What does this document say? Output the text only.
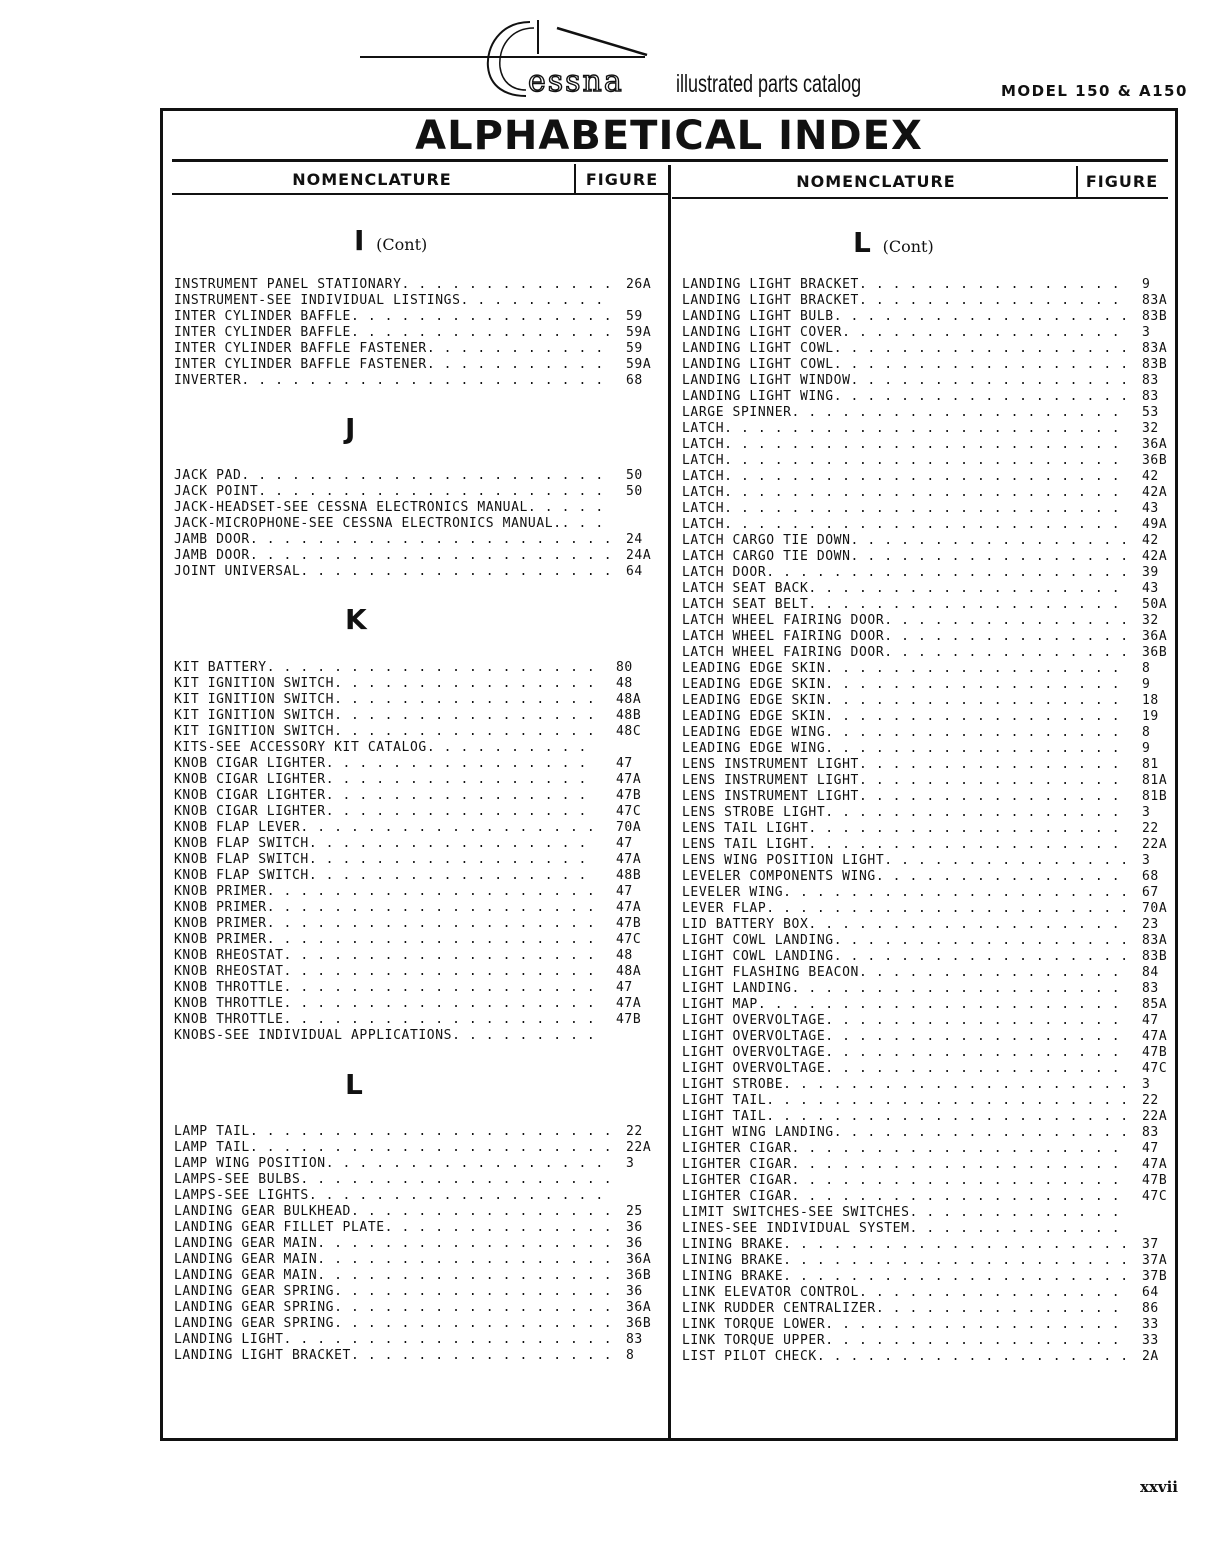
essna illustrated parts catalog	MODEL 150 & A150
ALPHABETICAL INDEX
NOMENCLATURE	FIGURE	NOMENCLATURE	FIGURE
I (Cont)
J
K
L
L (Cont)
INSTRUMENT PANEL STATIONARY. . . . . . . . . . . . . 26A
INSTRUMENT-SEE INDIVIDUAL LISTINGS. . . . . . . . .
INTER CYLINDER BAFFLE. . . . . . . . . . . . . . . . 59
INTER CYLINDER BAFFLE. . . . . . . . . . . . . . . . 59A
INTER CYLINDER BAFFLE FASTENER. . . . . . . . . . . 59
INTER CYLINDER BAFFLE FASTENER. . . . . . . . . . . 59A
INVERTER. . . . . . . . . . . . . . . . . . . . . . 68
JACK PAD. . . . . . . . . . . . . . . . . . . . . . 50
JACK POINT. . . . . . . . . . . . . . . . . . . . . 50
JACK-HEADSET-SEE CESSNA ELECTRONICS MANUAL. . . . .
JACK-MICROPHONE-SEE CESSNA ELECTRONICS MANUAL.. . .
JAMB DOOR. . . . . . . . . . . . . . . . . . . . . . 24
JAMB DOOR. . . . . . . . . . . . . . . . . . . . . . 24A
JOINT UNIVERSAL. . . . . . . . . . . . . . . . . . . 64
KIT BATTERY. . . . . . . . . . . . . . . . . . . . 80
KIT IGNITION SWITCH. . . . . . . . . . . . . . . . 48
KIT IGNITION SWITCH. . . . . . . . . . . . . . . . 48A
KIT IGNITION SWITCH. . . . . . . . . . . . . . . . 48B
KIT IGNITION SWITCH. . . . . . . . . . . . . . . . 48C
KITS-SEE ACCESSORY KIT CATALOG. . . . . . . . . .
KNOB CIGAR LIGHTER. . . . . . . . . . . . . . . . 47
KNOB CIGAR LIGHTER. . . . . . . . . . . . . . . . 47A
KNOB CIGAR LIGHTER. . . . . . . . . . . . . . . . 47B
KNOB CIGAR LIGHTER. . . . . . . . . . . . . . . . 47C
KNOB FLAP LEVER. . . . . . . . . . . . . . . . . . 70A
KNOB FLAP SWITCH. . . . . . . . . . . . . . . . . 47
KNOB FLAP SWITCH. . . . . . . . . . . . . . . . . 47A
KNOB FLAP SWITCH. . . . . . . . . . . . . . . . . 48B
KNOB PRIMER. . . . . . . . . . . . . . . . . . . . 47
KNOB PRIMER. . . . . . . . . . . . . . . . . . . . 47A
KNOB PRIMER. . . . . . . . . . . . . . . . . . . . 47B
KNOB PRIMER. . . . . . . . . . . . . . . . . . . . 47C
KNOB RHEOSTAT. . . . . . . . . . . . . . . . . . . 48
KNOB RHEOSTAT. . . . . . . . . . . . . . . . . . . 48A
KNOB THROTTLE. . . . . . . . . . . . . . . . . . . 47
KNOB THROTTLE. . . . . . . . . . . . . . . . . . . 47A
KNOB THROTTLE. . . . . . . . . . . . . . . . . . . 47B
KNOBS-SEE INDIVIDUAL APPLICATIONS. . . . . . . . .
LAMP TAIL. . . . . . . . . . . . . . . . . . . . . . 22
LAMP TAIL. . . . . . . . . . . . . . . . . . . . . . 22A
LAMP WING POSITION. . . . . . . . . . . . . . . . . 3
LAMPS-SEE BULBS. . . . . . . . . . . . . . . . . . .
LAMPS-SEE LIGHTS. . . . . . . . . . . . . . . . . .
LANDING GEAR BULKHEAD. . . . . . . . . . . . . . . . 25
LANDING GEAR FILLET PLATE. . . . . . . . . . . . . . 36
LANDING GEAR MAIN. . . . . . . . . . . . . . . . . . 36
LANDING GEAR MAIN. . . . . . . . . . . . . . . . . . 36A
LANDING GEAR MAIN. . . . . . . . . . . . . . . . . . 36B
LANDING GEAR SPRING. . . . . . . . . . . . . . . . . 36
LANDING GEAR SPRING. . . . . . . . . . . . . . . . . 36A
LANDING GEAR SPRING. . . . . . . . . . . . . . . . . 36B
LANDING LIGHT. . . . . . . . . . . . . . . . . . . . 83
LANDING LIGHT BRACKET. . . . . . . . . . . . . . . . 8
LANDING LIGHT BRACKET. . . . . . . . . . . . . . . . 9
LANDING LIGHT BRACKET. . . . . . . . . . . . . . . . 83A
LANDING LIGHT BULB. . . . . . . . . . . . . . . . . . 83B
LANDING LIGHT COVER. . . . . . . . . . . . . . . . . 3
LANDING LIGHT COWL. . . . . . . . . . . . . . . . . . 83A
LANDING LIGHT COWL. . . . . . . . . . . . . . . . . . 83B
LANDING LIGHT WINDOW. . . . . . . . . . . . . . . . . 83
LANDING LIGHT WING. . . . . . . . . . . . . . . . . . 83
LARGE SPINNER. . . . . . . . . . . . . . . . . . . . 53
LATCH. . . . . . . . . . . . . . . . . . . . . . . . 32
LATCH. . . . . . . . . . . . . . . . . . . . . . . . 36A
LATCH. . . . . . . . . . . . . . . . . . . . . . . . 36B
LATCH. . . . . . . . . . . . . . . . . . . . . . . . 42
LATCH. . . . . . . . . . . . . . . . . . . . . . . . 42A
LATCH. . . . . . . . . . . . . . . . . . . . . . . . 43
LATCH. . . . . . . . . . . . . . . . . . . . . . . . 49A
LATCH CARGO TIE DOWN. . . . . . . . . . . . . . . . . 42
LATCH CARGO TIE DOWN. . . . . . . . . . . . . . . . . 42A
LATCH DOOR. . . . . . . . . . . . . . . . . . . . . . 39
LATCH SEAT BACK. . . . . . . . . . . . . . . . . . . 43
LATCH SEAT BELT. . . . . . . . . . . . . . . . . . . 50A
LATCH WHEEL FAIRING DOOR. . . . . . . . . . . . . . . 32
LATCH WHEEL FAIRING DOOR. . . . . . . . . . . . . . . 36A
LATCH WHEEL FAIRING DOOR. . . . . . . . . . . . . . . 36B
LEADING EDGE SKIN. . . . . . . . . . . . . . . . . . 8
LEADING EDGE SKIN. . . . . . . . . . . . . . . . . . 9
LEADING EDGE SKIN. . . . . . . . . . . . . . . . . . 18
LEADING EDGE SKIN. . . . . . . . . . . . . . . . . . 19
LEADING EDGE WING. . . . . . . . . . . . . . . . . . 8
LEADING EDGE WING. . . . . . . . . . . . . . . . . . 9
LENS INSTRUMENT LIGHT. . . . . . . . . . . . . . . . 81
LENS INSTRUMENT LIGHT. . . . . . . . . . . . . . . . 81A
LENS INSTRUMENT LIGHT. . . . . . . . . . . . . . . . 81B
LENS STROBE LIGHT. . . . . . . . . . . . . . . . . . 3
LENS TAIL LIGHT. . . . . . . . . . . . . . . . . . . 22
LENS TAIL LIGHT. . . . . . . . . . . . . . . . . . . 22A
LENS WING POSITION LIGHT. . . . . . . . . . . . . . . 3
LEVELER COMPONENTS WING. . . . . . . . . . . . . . . 68
LEVELER WING. . . . . . . . . . . . . . . . . . . . . 67
LEVER FLAP. . . . . . . . . . . . . . . . . . . . . . 70A
LID BATTERY BOX. . . . . . . . . . . . . . . . . . . 23
LIGHT COWL LANDING. . . . . . . . . . . . . . . . . . 83A
LIGHT COWL LANDING. . . . . . . . . . . . . . . . . . 83B
LIGHT FLASHING BEACON. . . . . . . . . . . . . . . . 84
LIGHT LANDING. . . . . . . . . . . . . . . . . . . . 83
LIGHT MAP. . . . . . . . . . . . . . . . . . . . . . 85A
LIGHT OVERVOLTAGE. . . . . . . . . . . . . . . . . . 47
LIGHT OVERVOLTAGE. . . . . . . . . . . . . . . . . . 47A
LIGHT OVERVOLTAGE. . . . . . . . . . . . . . . . . . 47B
LIGHT OVERVOLTAGE. . . . . . . . . . . . . . . . . . 47C
LIGHT STROBE. . . . . . . . . . . . . . . . . . . . . 3
LIGHT TAIL. . . . . . . . . . . . . . . . . . . . . . 22
LIGHT TAIL. . . . . . . . . . . . . . . . . . . . . . 22A
LIGHT WING LANDING. . . . . . . . . . . . . . . . . . 83
LIGHTER CIGAR. . . . . . . . . . . . . . . . . . . . 47
LIGHTER CIGAR. . . . . . . . . . . . . . . . . . . . 47A
LIGHTER CIGAR. . . . . . . . . . . . . . . . . . . . 47B
LIGHTER CIGAR. . . . . . . . . . . . . . . . . . . . 47C
LIMIT SWITCHES-SEE SWITCHES. . . . . . . . . . . . .
LINES-SEE INDIVIDUAL SYSTEM. . . . . . . . . . . . .
LINING BRAKE. . . . . . . . . . . . . . . . . . . . . 37
LINING BRAKE. . . . . . . . . . . . . . . . . . . . . 37A
LINING BRAKE. . . . . . . . . . . . . . . . . . . . . 37B
LINK ELEVATOR CONTROL. . . . . . . . . . . . . . . . 64
LINK RUDDER CENTRALIZER. . . . . . . . . . . . . . . 86
LINK TORQUE LOWER. . . . . . . . . . . . . . . . . . 33
LINK TORQUE UPPER. . . . . . . . . . . . . . . . . . 33
LIST PILOT CHECK. . . . . . . . . . . . . . . . . . . 2A
xxvii
